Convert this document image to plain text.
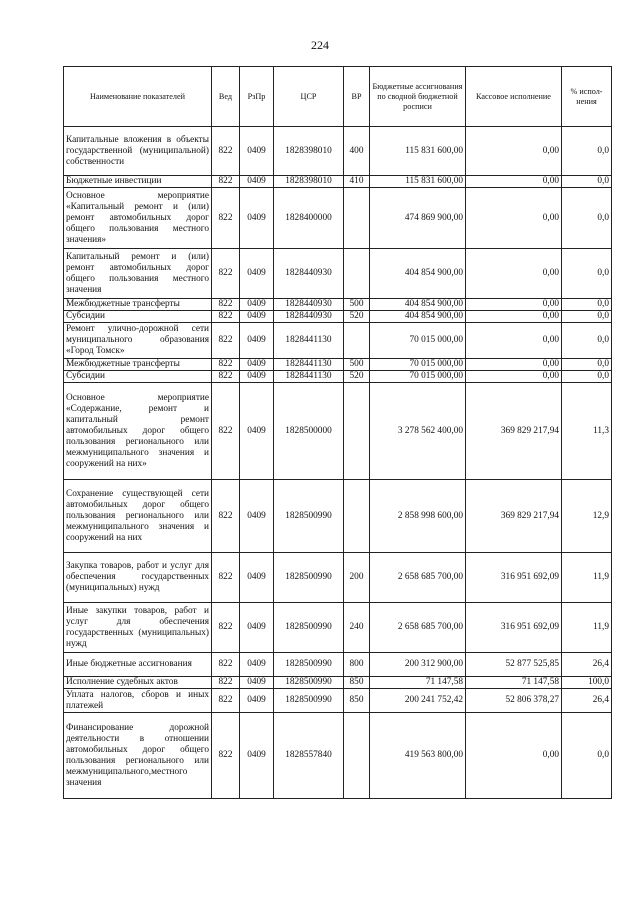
224
Наименование показателей	Вед	РзПр	ЦСР	ВР	Бюджетные ассигнования по сводной бюджетной росписи	Кассовое исполнение	% испол-нения
Капитальные вложения в объекты государственной (муниципальной) собственности	822	0409	1828398010	400	115 831 600,00	0,00	0,0
Бюджетные инвестиции	822	0409	1828398010	410	115 831 600,00	0,00	0,0
Основное мероприятие «Капитальный ремонт и (или) ремонт автомобильных дорог общего пользования местного значения»	822	0409	1828400000		474 869 900,00	0,00	0,0
Капитальный ремонт и (или) ремонт автомобильных дорог общего пользования местного значения	822	0409	1828440930		404 854 900,00	0,00	0,0
Межбюджетные трансферты	822	0409	1828440930	500	404 854 900,00	0,00	0,0
Субсидии	822	0409	1828440930	520	404 854 900,00	0,00	0,0
Ремонт улично-дорожной сети муниципального образования «Город Томск»	822	0409	1828441130		70 015 000,00	0,00	0,0
Межбюджетные трансферты	822	0409	1828441130	500	70 015 000,00	0,00	0,0
Субсидии	822	0409	1828441130	520	70 015 000,00	0,00	0,0
Основное мероприятие «Содержание, ремонт и капитальный ремонт автомобильных дорог общего пользования регионального или межмуниципального значения и сооружений на них»	822	0409	1828500000		3 278 562 400,00	369 829 217,94	11,3
Сохранение существующей сети автомобильных дорог общего пользования регионального или межмуниципального значения и сооружений на них	822	0409	1828500990		2 858 998 600,00	369 829 217,94	12,9
Закупка товаров, работ и услуг для обеспечения государственных (муниципальных) нужд	822	0409	1828500990	200	2 658 685 700,00	316 951 692,09	11,9
Иные закупки товаров, работ и услуг для обеспечения государственных (муниципальных) нужд	822	0409	1828500990	240	2 658 685 700,00	316 951 692,09	11,9
Иные бюджетные ассигнования	822	0409	1828500990	800	200 312 900,00	52 877 525,85	26,4
Исполнение судебных актов	822	0409	1828500990	850	71 147,58	71 147,58	100,0
Уплата налогов, сборов и иных платежей	822	0409	1828500990	850	200 241 752,42	52 806 378,27	26,4
Финансирование дорожной деятельности в отношении автомобильных дорог общего пользования регионального или межмуниципального,местного значения	822	0409	1828557840		419 563 800,00	0,00	0,0
